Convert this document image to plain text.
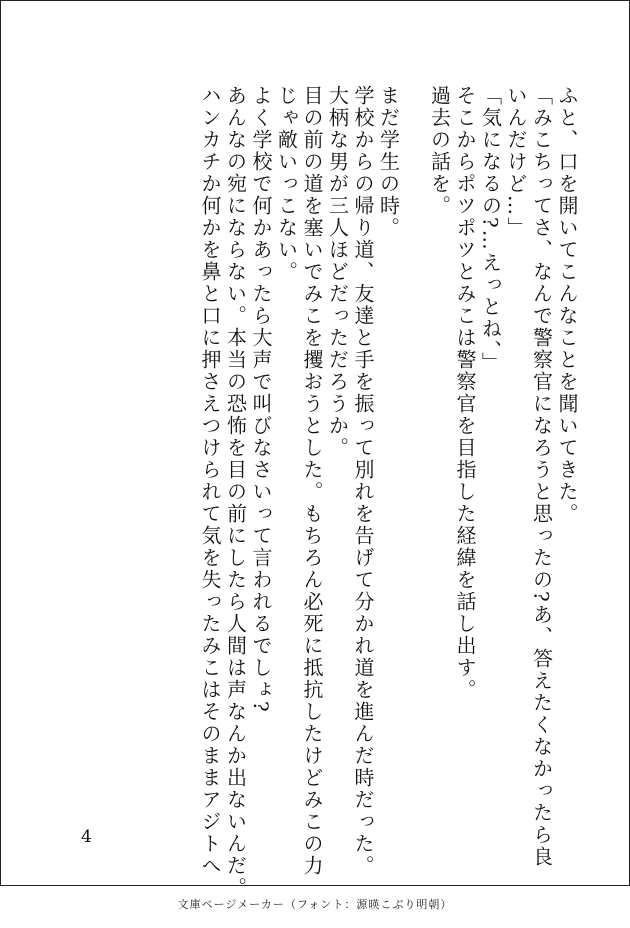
ふと、口を開いてこんなことを聞いてきた。
「みこちってさ、なんで警察官になろうと思ったの?あ、答えたくなかったら良
いんだけど…」
「気になるの?…えっとね、」
そこからポツポツとみこは警察官を目指した経緯を話し出す。
過去の話を。

まだ学生の時。
学校からの帰り道、友達と手を振って別れを告げて分かれ道を進んだ時だった。
大柄な男が三人ほどだっただろうか。
目の前の道を塞いでみこを攫おうとした。もちろん必死に抵抗したけどみこの力
じゃ敵いっこない。
よく学校で何かあったら大声で叫びなさいって言われるでしょ?
あんなの宛にならない。本当の恐怖を目の前にしたら人間は声なんか出ないんだ。
ハンカチか何かを鼻と口に押さえつけられて気を失ったみこはそのままアジトへ
4
文庫ページメーカー（フォント：源暎こぶり明朝）
